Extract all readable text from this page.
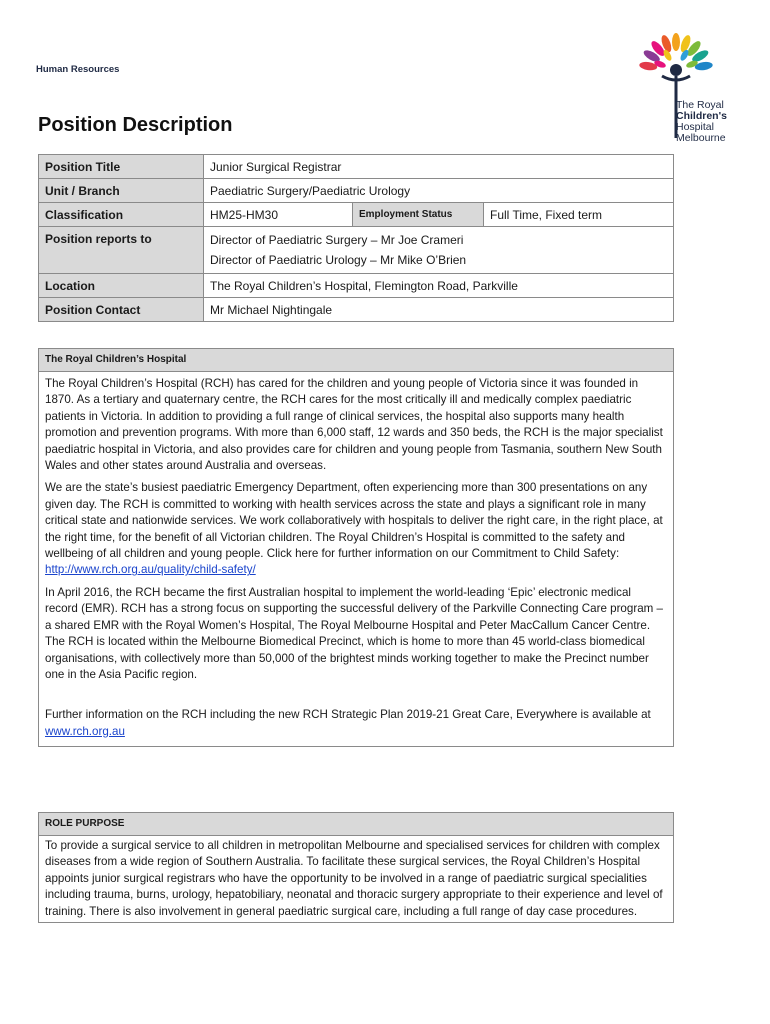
Human Resources
The Royal
Children's
Hospital
Melbourne
Position Description
Position Title	Junior Surgical Registrar		
Unit / Branch	Paediatric Surgery/Paediatric Urology		
Classification	HM25-HM30	Employment Status	Full Time, Fixed term
Position reports to	Director of Paediatric Surgery – Mr Joe Crameri
Director of Paediatric Urology – Mr Mike O’Brien		

Location	The Royal Children’s Hospital, Flemington Road, Parkville		
Position Contact	Mr Michael Nightingale		
The Royal Children’s Hospital

The Royal Children’s Hospital (RCH) has cared for the children and young people of Victoria since it was founded in 1870. As a tertiary and quaternary centre, the RCH cares for the most critically ill and medically complex paediatric patients in Victoria. In addition to providing a full range of clinical services, the hospital also supports many health promotion and prevention programs. With more than 6,000 staff, 12 wards and 350 beds, the RCH is the major specialist paediatric hospital in Victoria, and also provides care for children and young people from Tasmania, southern New South Wales and other states around Australia and overseas.

We are the state’s busiest paediatric Emergency Department, often experiencing more than 300 presentations on any given day. The RCH is committed to working with health services across the state and plays a significant role in many critical state and nationwide services. We work collaboratively with hospitals to deliver the right care, in the right place, at the right time, for the benefit of all Victorian children. The Royal Children’s Hospital is committed to the safety and wellbeing of all children and young people. Click here for further information on our Commitment to Child Safety:
http://www.rch.org.au/quality/child-safety/

In April 2016, the RCH became the first Australian hospital to implement the world-leading ‘Epic’ electronic medical record (EMR). RCH has a strong focus on supporting the successful delivery of the Parkville Connecting Care program – a shared EMR with the Royal Women’s Hospital, The Royal Melbourne Hospital and Peter MacCallum Cancer Centre. The RCH is located within the Melbourne Biomedical Precinct, which is home to more than 45 world-class biomedical organisations, with collectively more than 50,000 of the brightest minds working together to make the Precinct number one in the Asia Pacific region.

Further information on the RCH including the new RCH Strategic Plan 2019-21 Great Care, Everywhere is available at www.rch.org.au

ROLE PURPOSE
To provide a surgical service to all children in metropolitan Melbourne and specialised services for children with complex diseases from a wide region of Southern Australia. To facilitate these surgical services, the Royal Children’s Hospital appoints junior surgical registrars who have the opportunity to be involved in a range of paediatric surgical specialities including trauma, burns, urology, hepatobiliary, neonatal and thoracic surgery appropriate to their experience and level of training. There is also involvement in general paediatric surgical care, including a full range of day case procedures.
